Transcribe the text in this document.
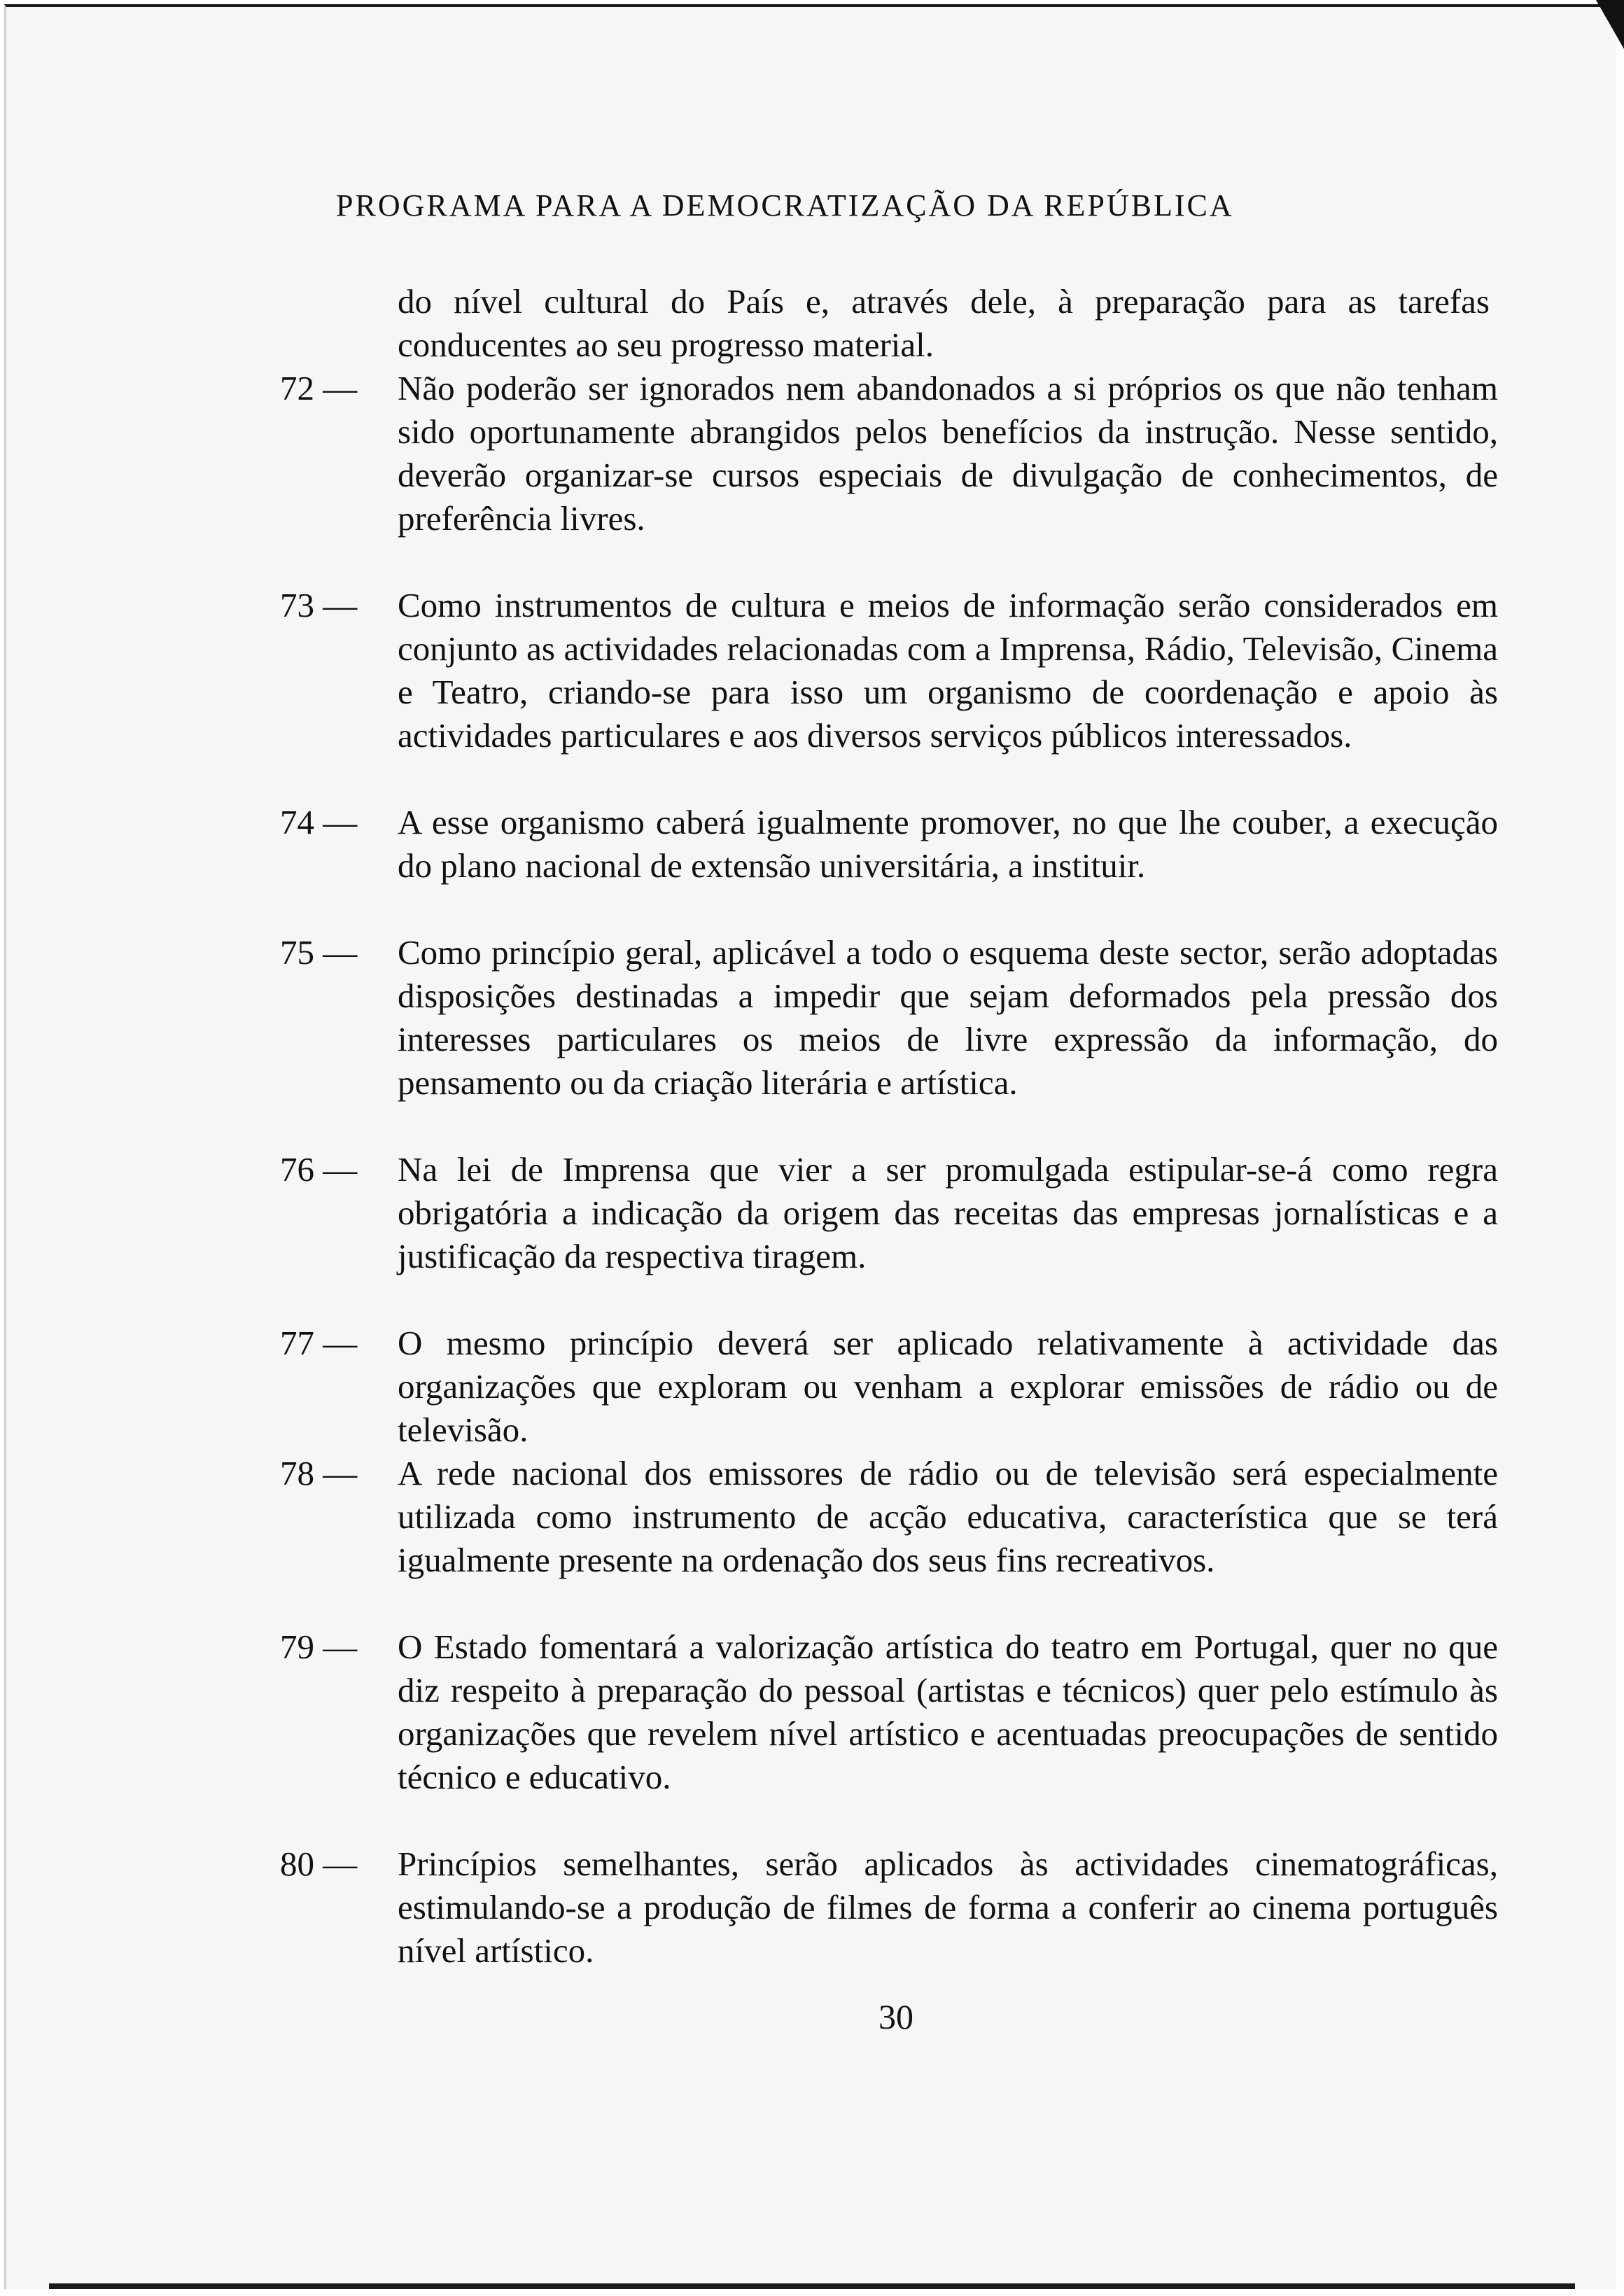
PROGRAMA PARA A DEMOCRATIZAÇÃO DA REPÚBLICA
do nível cultural do País e, através dele, à preparação para as tarefas conducentes ao seu progresso material.
72 —	Não poderão ser ignorados nem abandonados a si próprios os que não tenham sido oportunamente abrangidos pelos benefícios da instrução. Nesse sentido, deverão organizar-se cursos especiais de divulgação de conhecimentos, de preferência livres.
73 —	Como instrumentos de cultura e meios de informação serão considerados em conjunto as actividades relacionadas com a Imprensa, Rádio, Televisão, Cinema e Teatro, criando-se para isso um organismo de coordenação e apoio às actividades particulares e aos diversos serviços públicos interessados.
74 —	A esse organismo caberá igualmente promover, no que lhe couber, a execução do plano nacional de extensão universitária, a instituir.
75 —	Como princípio geral, aplicável a todo o esquema deste sector, serão adoptadas disposições destinadas a impedir que sejam deformados pela pressão dos interesses particulares os meios de livre expressão da informação, do pensamento ou da criação literária e artística.
76 —	Na lei de Imprensa que vier a ser promulgada estipular-se-á como regra obrigatória a indicação da origem das receitas das empresas jornalísticas e a justificação da respectiva tiragem.
77 —	O mesmo princípio deverá ser aplicado relativamente à actividade das organizações que exploram ou venham a explorar emissões de rádio ou de televisão.
78 —	A rede nacional dos emissores de rádio ou de televisão será especialmente utilizada como instrumento de acção educativa, característica que se terá igualmente presente na ordenação dos seus fins recreativos.
79 —	O Estado fomentará a valorização artística do teatro em Portugal, quer no que diz respeito à preparação do pessoal (artistas e técnicos) quer pelo estímulo às organizações que revelem nível artístico e acentuadas preocupações de sentido técnico e educativo.
80 —	Princípios semelhantes, serão aplicados às actividades cinematográficas, estimulando-se a produção de filmes de forma a conferir ao cinema português nível artístico.
30
